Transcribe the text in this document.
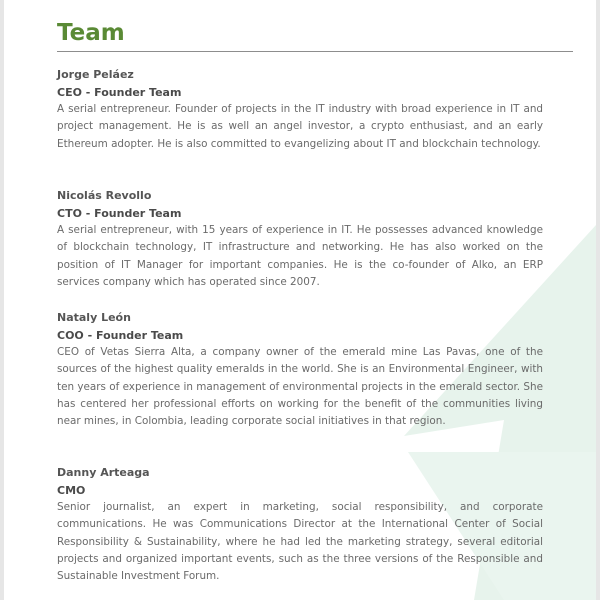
Team
Jorge Peláez
CEO - Founder Team

A serial entrepreneur. Founder of projects in the IT industry with broad experience in IT and project management. He is as well an angel investor, a crypto enthusiast, and an early Ethereum adopter. He is also committed to evangelizing about IT and blockchain technology.

Nicolás Revollo
CTO - Founder Team

A serial entrepreneur, with 15 years of experience in IT. He possesses advanced knowledge of blockchain technology, IT infrastructure and networking. He has also worked on the position of IT Manager for important companies. He is the co-founder of Alko, an ERP services company which has operated since 2007.

Nataly León
COO - Founder Team

CEO of Vetas Sierra Alta, a company owner of the emerald mine Las Pavas, one of the sources of the highest quality emeralds in the world. She is an Environmental Engineer, with ten years of experience in management of environmental projects in the emerald sector. She has centered her professional efforts on working for the benefit of the communities living near mines, in Colombia, leading corporate social initiatives in that region.

Danny Arteaga
CMO

Senior journalist, an expert in marketing, social responsibility, and corporate communications. He was Communications Director at the International Center of Social Responsibility & Sustainability, where he had led the marketing strategy, several editorial projects and organized important events, such as the three versions of the Responsible and Sustainable Investment Forum.
